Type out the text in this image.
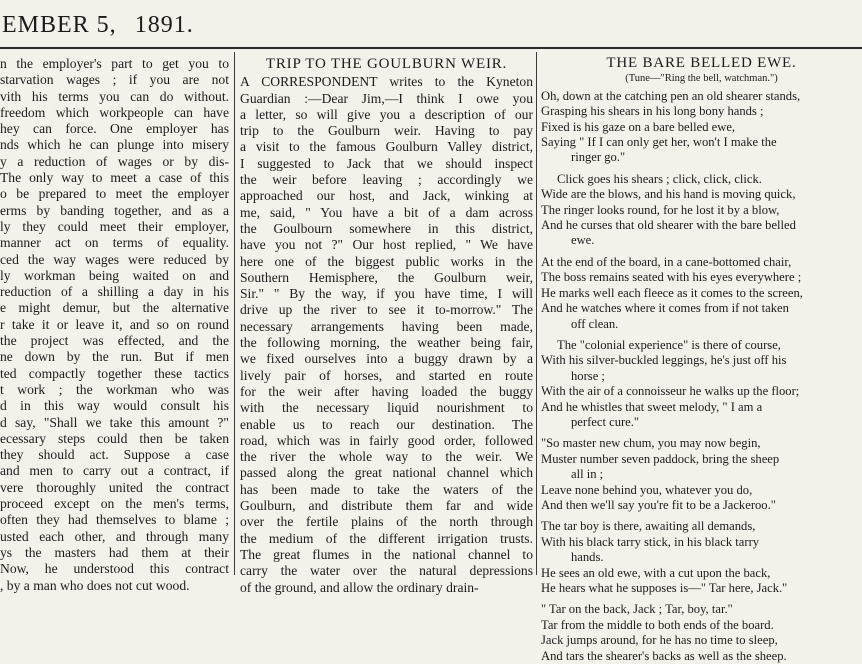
EMBER 5, 1891.
n the employer's part to get you to
starvation wages ; if you are not
vith his terms you can do without.
freedom which workpeople can have
hey can force. One employer has
nds which he can plunge into misery
y a reduction of wages or by dis-
The only way to meet a case of this
o be prepared to meet the employer
erms by banding together, and as a
ly they could meet their employer,
manner act on terms of equality.
ced the way wages were reduced by
ly workman being waited on and
reduction of a shilling a day in his
e might demur, but the alternative
r take it or leave it, and so on round
the project was effected, and the
ne down by the run. But if men
ted compactly together these tactics
t work ; the workman who was
d in this way would consult his
d say, "Shall we take this amount ?"
ecessary steps could then be taken
they should act. Suppose a case
and men to carry out a contract, if
vere thoroughly united the contract
proceed except on the men's terms,
often they had themselves to blame ;
usted each other, and through many
ys the masters had them at their
Now, he understood this contract
, by a man who does not cut wood.
TRIP TO THE GOULBURN WEIR.
A CORRESPONDENT writes to the Kyneton
Guardian :—Dear Jim,—I think I owe you
a letter, so will give you a description of our
trip to the Goulburn weir. Having to pay
a visit to the famous Goulburn Valley district,
I suggested to Jack that we should inspect
the weir before leaving ; accordingly we
approached our host, and Jack, winking at
me, said, " You have a bit of a dam across
the Goulbourn somewhere in this district,
have you not ?" Our host replied, " We have
here one of the biggest public works in the
Southern Hemisphere, the Goulburn weir,
Sir." " By the way, if you have time, I will
drive up the river to see it to-morrow." The
necessary arrangements having been made,
the following morning, the weather being fair,
we fixed ourselves into a buggy drawn by a
lively pair of horses, and started en route
for the weir after having loaded the buggy
with the necessary liquid nourishment to
enable us to reach our destination. The
road, which was in fairly good order, followed
the river the whole way to the weir. We
passed along the great national channel which
has been made to take the waters of the
Goulburn, and distribute them far and wide
over the fertile plains of the north through
the medium of the different irrigation trusts.
The great flumes in the national channel to
carry the water over the natural depressions
of the ground, and allow the ordinary drain-
THE BARE BELLED EWE.
(Tune—"Ring the bell, watchman.")
Oh, down at the catching pen an old shearer stands,
Grasping his shears in his long bony hands ;
Fixed is his gaze on a bare belled ewe,
Saying " If I can only get her, won't I make the
ringer go."
Click goes his shears ; click, click, click.
Wide are the blows, and his hand is moving quick,
The ringer looks round, for he lost it by a blow,
And he curses that old shearer with the bare belled
ewe.
At the end of the board, in a cane-bottomed chair,
The boss remains seated with his eyes everywhere ;
He marks well each fleece as it comes to the screen,
And he watches where it comes from if not taken
off clean.
The "colonial experience" is there of course,
With his silver-buckled leggings, he's just off his
horse ;
With the air of a connoisseur he walks up the floor;
And he whistles that sweet melody, " I am a
perfect cure."
"So master new chum, you may now begin,
Muster number seven paddock, bring the sheep
all in ;
Leave none behind you, whatever you do,
And then we'll say you're fit to be a Jackeroo."
The tar boy is there, awaiting all demands,
With his black tarry stick, in his black tarry
hands.
He sees an old ewe, with a cut upon the back,
He hears what he supposes is—" Tar here, Jack."
" Tar on the back, Jack ; Tar, boy, tar."
Tar from the middle to both ends of the board.
Jack jumps around, for he has no time to sleep,
And tars the shearer's backs as well as the sheep.
